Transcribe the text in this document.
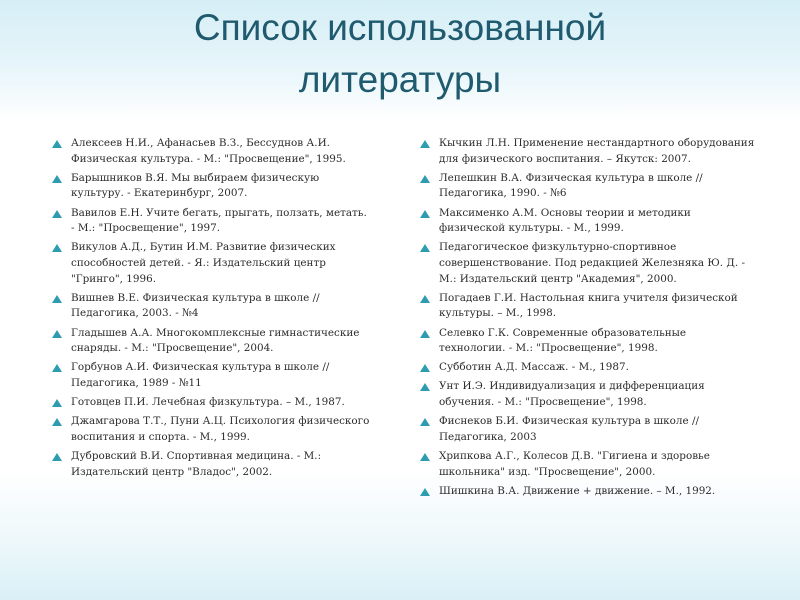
Список использованной
литературы
Алексеев Н.И., Афанасьев В.З., Бессуднов А.И. Физическая культура. - М.: "Просвещение", 1995.
Барышников В.Я. Мы выбираем физическую культуру. - Екатеринбург, 2007.
Вавилов Е.Н. Учите бегать, прыгать, ползать, метать. - М.: "Просвещение", 1997.
Викулов А.Д., Бутин И.М. Развитие физических способностей детей. - Я.: Издательский центр "Гринго", 1996.
Вишнев В.Е. Физическая культура в школе // Педагогика, 2003. - №4
Гладышев А.А. Многокомплексные гимнастические снаряды. - М.: "Просвещение", 2004.
Горбунов А.И. Физическая культура в школе // Педагогика, 1989 - №11
Готовцев П.И. Лечебная физкультура. – М., 1987.
Джамгарова Т.Т., Пуни А.Ц. Психология физического воспитания и спорта. - М., 1999.
Дубровский В.И. Спортивная медицина. - М.: Издательский центр "Владос", 2002.
Кычкин Л.Н. Применение нестандартного оборудования для физического воспитания. – Якутск: 2007.
Лепешкин В.А. Физическая культура в школе // Педагогика, 1990. - №6
Максименко А.М. Основы теории и методики физической культуры. - М., 1999.
Педагогическое физкультурно-спортивное совершенствование. Под редакцией Железняка Ю. Д. - М.: Издательский центр "Академия", 2000.
Погадаев Г.И. Настольная книга учителя физической культуры. – М., 1998.
Селевко Г.К. Современные образовательные технологии. - М.: "Просвещение", 1998.
Субботин А.Д. Массаж. - М., 1987.
Унт И.Э. Индивидуализация и дифференциация обучения. - М.: "Просвещение", 1998.
Фиснеков Б.И. Физическая культура в школе // Педагогика, 2003
Хрипкова А.Г., Колесов Д.В. "Гигиена и здоровье школьника" изд. "Просвещение", 2000.
Шишкина В.А. Движение + движение. – М., 1992.
